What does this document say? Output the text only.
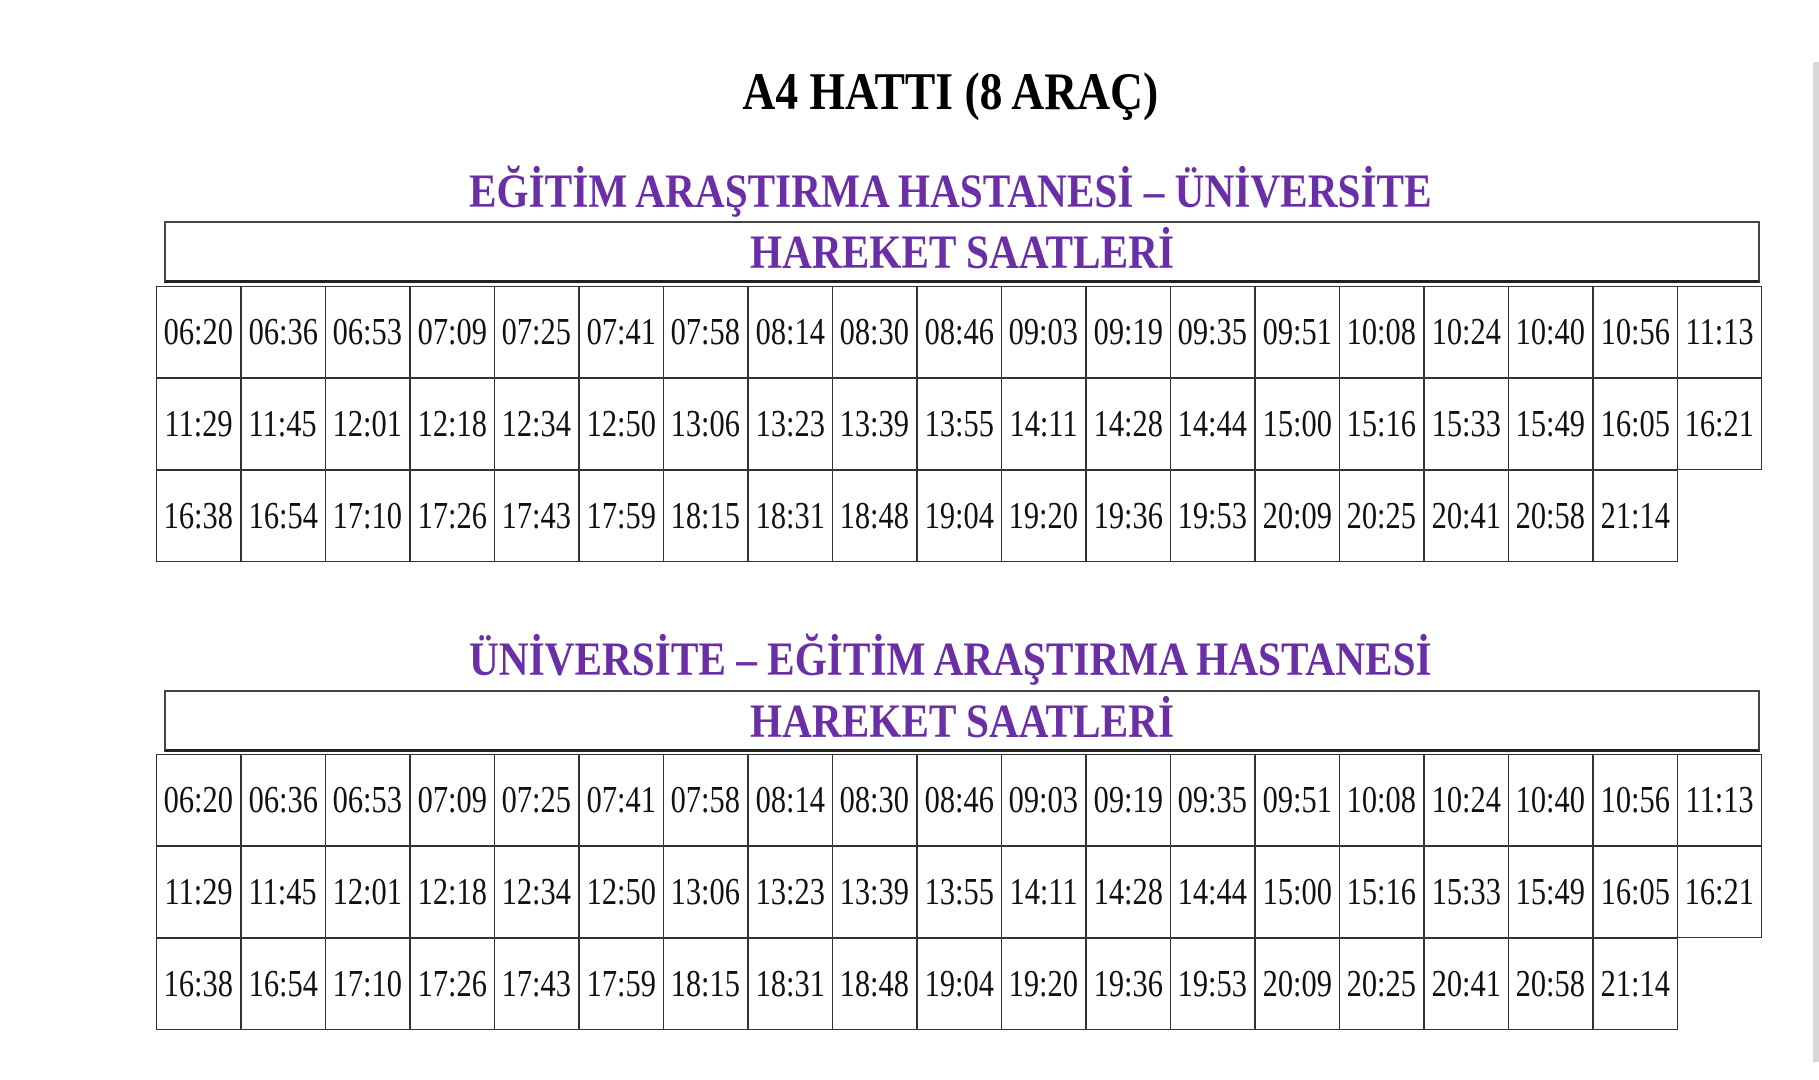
A4 HATTI (8 ARAÇ)
EĞİTİM ARAŞTIRMA HASTANESİ – ÜNİVERSİTE
HAREKET SAATLERİ
06:20 06:36 06:53 07:09 07:25 07:41 07:58 08:14 08:30 08:46 09:03 09:19 09:35 09:51 10:08 10:24 10:40 10:56 11:13
11:29 11:45 12:01 12:18 12:34 12:50 13:06 13:23 13:39 13:55 14:11 14:28 14:44 15:00 15:16 15:33 15:49 16:05 16:21
16:38 16:54 17:10 17:26 17:43 17:59 18:15 18:31 18:48 19:04 19:20 19:36 19:53 20:09 20:25 20:41 20:58 21:14
ÜNİVERSİTE – EĞİTİM ARAŞTIRMA HASTANESİ
HAREKET SAATLERİ
06:20 06:36 06:53 07:09 07:25 07:41 07:58 08:14 08:30 08:46 09:03 09:19 09:35 09:51 10:08 10:24 10:40 10:56 11:13
11:29 11:45 12:01 12:18 12:34 12:50 13:06 13:23 13:39 13:55 14:11 14:28 14:44 15:00 15:16 15:33 15:49 16:05 16:21
16:38 16:54 17:10 17:26 17:43 17:59 18:15 18:31 18:48 19:04 19:20 19:36 19:53 20:09 20:25 20:41 20:58 21:14
